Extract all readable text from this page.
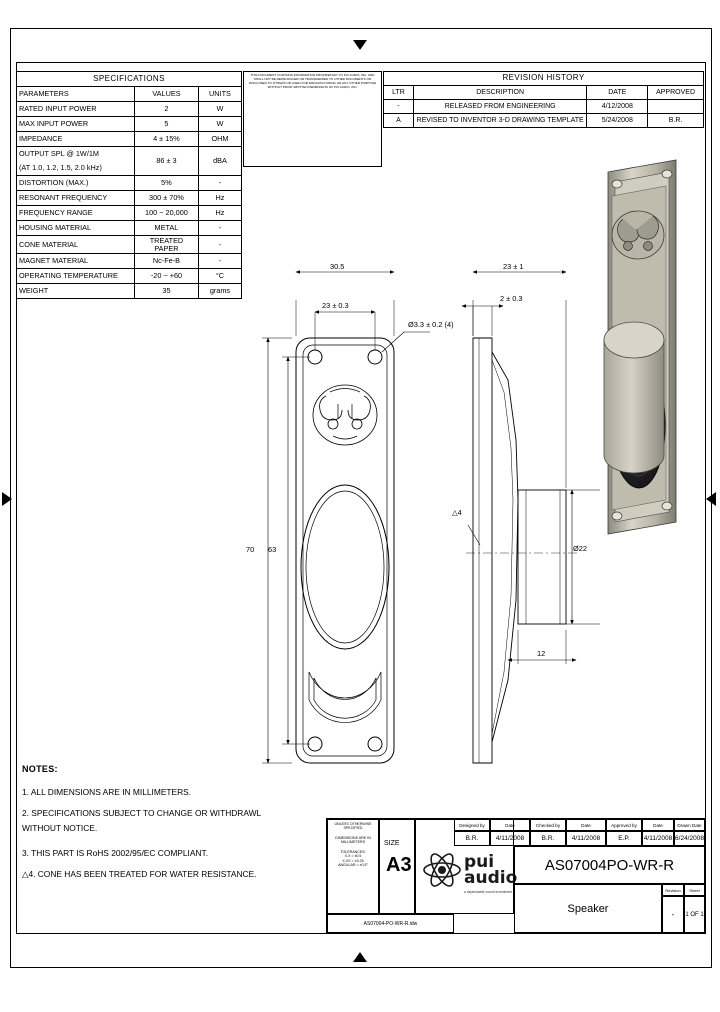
SPECIFICATIONS		
PARAMETERS	VALUES	UNITS
RATED INPUT POWER	2	W
MAX INPUT POWER	5	W
IMPEDANCE	4 ± 15%	OHM
OUTPUT SPL @ 1W/1M	86 ± 3	dBA
(AT 1.0, 1.2, 1.5, 2.0 kHz)		
DISTORTION (MAX.)	5%	-
RESONANT FREQUENCY	300 ± 70%	Hz
FREQUENCY RANGE	100 ~ 20,000	Hz
HOUSING MATERIAL	METAL	-
CONE MATERIAL	TREATED PAPER	-
MAGNET MATERIAL	Nc-Fe-B	-
OPERATING TEMPERATURE	-20 ~ +60	°C
WEIGHT	35	grams
THIS DOCUMENT CONTAINS INFORMATION PROPRIETARY TO PUI AUDIO, INC. AND SHALL NOT BE REPRODUCED OR TRANSFERRED TO OTHER DOCUMENTS OR DISCLOSED TO OTHERS OR USED FOR MANUFACTURING OR ANY OTHER PURPOSE WITHOUT PRIOR WRITTEN PERMISSION OF PUI AUDIO, INC.
REVISION HISTORY			
LTR	DESCRIPTION	DATE	APPROVED
-	RELEASED FROM ENGINEERING	4/12/2008	
A	REVISED TO INVENTOR 3-D DRAWING TEMPLATE	5/24/2008	B.R.
30.5
23 ± 0.3
Ø3.3 ± 0.2 (4)
70 63
23 ± 1
2 ± 0.3
Ø22
12
△4
NOTES:
1. ALL DIMENSIONS ARE IN MILLIMETERS.
2. SPECIFICATIONS SUBJECT TO CHANGE OR WITHDRAWL
WITHOUT NOTICE.
3. THIS PART IS RoHS 2002/95/EC COMPLIANT.
△4. CONE HAS BEEN TREATED FOR WATER RESISTANCE.
UNLESS OTHERWISE SPECIFIED
DIMENSIONS ARE IN MILLIMETERS
TOLERANCES:
X.X = ±0.5
X.XX = ±0.25
ANGULAR = ±0.5°
AS07004-PO-WR-R.idw
SIZE
A3	pui
audio
a dependable sound investment
Designed by	Date	Checked by	Date	Approved by	Date	Drawn Date
B.R.	4/11/2008	B.R.	4/11/2008	E.P.	4/11/2008 6/24/2008
AS07004PO-WR-R
Speaker
Revision	Sheet
-	1 OF 1
